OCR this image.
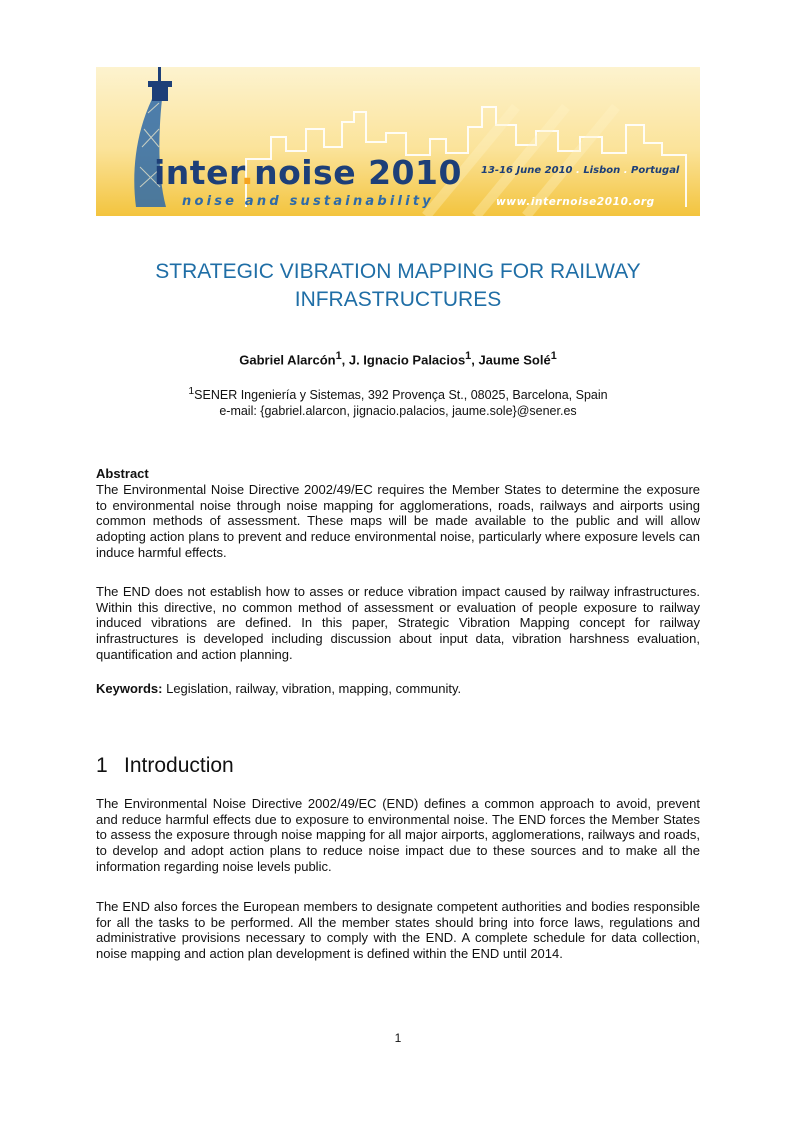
inter.noise 2010
noise and sustainability
13-16 June 2010 . Lisbon . Portugal
www.internoise2010.org
STRATEGIC VIBRATION MAPPING FOR RAILWAY INFRASTRUCTURES
Gabriel Alarcón$^1$, J. Ignacio Palacios$^1$, Jaume Solé$^1$
$^1$SENER Ingeniería y Sistemas, 392 Provença St., 08025, Barcelona, Spain
e-mail: {gabriel.alarcon, jignacio.palacios, jaume.sole}@sener.es
Abstract

The Environmental Noise Directive 2002/49/EC requires the Member States to determine the exposure to environmental noise through noise mapping for agglomerations, roads, railways and airports using common methods of assessment. These maps will be made available to the public and will allow adopting action plans to prevent and reduce environmental noise, particularly where exposure levels can induce harmful effects.

The END does not establish how to asses or reduce vibration impact caused by railway infrastructures. Within this directive, no common method of assessment or evaluation of people exposure to railway induced vibrations are defined. In this paper, Strategic Vibration Mapping concept for railway infrastructures is developed including discussion about input data, vibration harshness evaluation, quantification and action planning.

Keywords: Legislation, railway, vibration, mapping, community.

1 Introduction

The Environmental Noise Directive 2002/49/EC (END) defines a common approach to avoid, prevent and reduce harmful effects due to exposure to environmental noise. The END forces the Member States to assess the exposure through noise mapping for all major airports, agglomerations, railways and roads, to develop and adopt action plans to reduce noise impact due to these sources and to make all the information regarding noise levels public.

The END also forces the European members to designate competent authorities and bodies responsible for all the tasks to be performed. All the member states should bring into force laws, regulations and administrative provisions necessary to comply with the END. A complete schedule for data collection, noise mapping and action plan development is defined within the END until 2014.

1
